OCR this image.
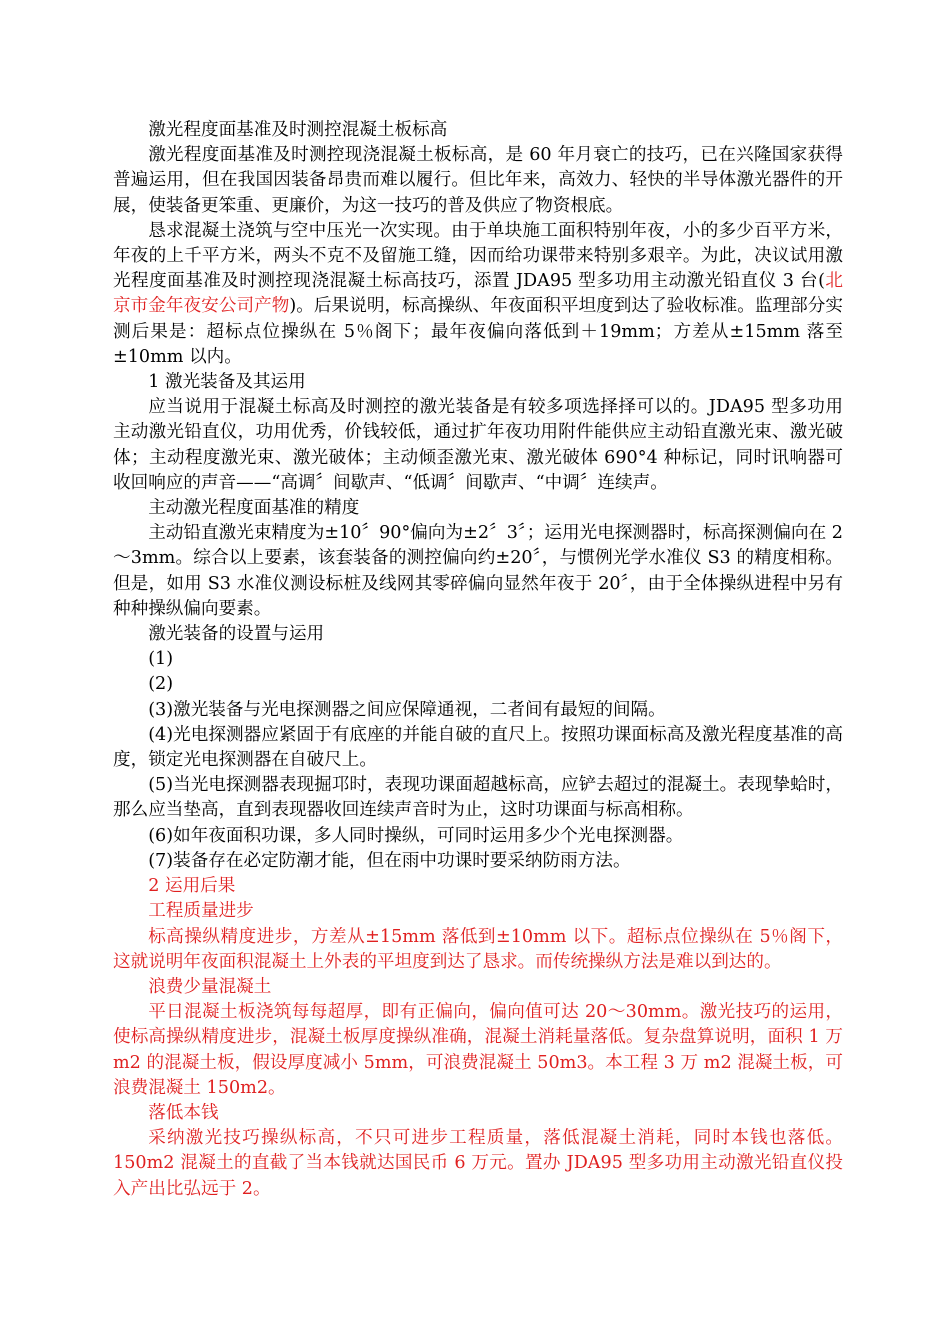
激光程度面基准及时测控混凝土板标高

激光程度面基准及时测控现浇混凝土板标高，是 60 年月衰亡的技巧，已在兴隆国家获得普遍运用，但在我国因装备昂贵而难以履行。但比年来，高效力、轻快的半导体激光器件的开展，使装备更笨重、更廉价，为这一技巧的普及供应了物资根底。

恳求混凝土浇筑与空中压光一次实现。由于单块施工面积特别年夜，小的多少百平方米，年夜的上千平方米，两头不克不及留施工缝，因而给功课带来特别多艰辛。为此，决议试用激光程度面基准及时测控现浇混凝土标高技巧，添置 JDA95 型多功用主动激光铅直仪 3 台(北京市金年夜安公司产物)。后果说明，标高操纵、年夜面积平坦度到达了验收标准。监理部分实测后果是：超标点位操纵在 5％阁下；最年夜偏向落低到＋19mm；方差从±15mm 落至±10mm 以内。

1 激光装备及其运用

应当说用于混凝土标高及时测控的激光装备是有较多项选择择可以的。JDA95 型多功用主动激光铅直仪，功用优秀，价钱较低，通过扩年夜功用附件能供应主动铅直激光束、激光破体；主动程度激光束、激光破体；主动倾歪激光束、激光破体 690°4 种标记，同时讯响器可收回响应的声音——“高调〞间歇声、“低调〞间歇声、“中调〞连续声。

主动激光程度面基准的精度

主动铅直激光束精度为±10〞90°偏向为±2〞3〞；运用光电探测器时，标高探测偏向在 2～3mm。综合以上要素，该套装备的测控偏向约±20〞，与惯例光学水准仪 S3 的精度相称。但是，如用 S3 水准仪测设标桩及线网其零碎偏向显然年夜于 20〞，由于全体操纵进程中另有种种操纵偏向要素。

激光装备的设置与运用

(1)

(2)

(3)激光装备与光电探测器之间应保障通视，二者间有最短的间隔。

(4)光电探测器应紧固于有底座的并能自破的直尺上。按照功课面标高及激光程度基准的高度，锁定光电探测器在自破尺上。

(5)当光电探测器表现掘邛时，表现功课面超越标高，应铲去超过的混凝土。表现挚蛤时，那么应当垫高，直到表现器收回连续声音时为止，这时功课面与标高相称。

(6)如年夜面积功课，多人同时操纵，可同时运用多少个光电探测器。

(7)装备存在必定防潮才能，但在雨中功课时要采纳防雨方法。

2 运用后果

工程质量进步

标高操纵精度进步，方差从±15mm 落低到±10mm 以下。超标点位操纵在 5％阁下，这就说明年夜面积混凝土上外表的平坦度到达了恳求。而传统操纵方法是难以到达的。

浪费少量混凝土

平日混凝土板浇筑每每超厚，即有正偏向，偏向值可达 20～30mm。激光技巧的运用，使标高操纵精度进步，混凝土板厚度操纵准确，混凝土消耗量落低。复杂盘算说明，面积 1 万 m2 的混凝土板，假设厚度减小 5mm，可浪费混凝土 50m3。本工程 3 万 m2 混凝土板，可浪费混凝土 150m2。

落低本钱

采纳激光技巧操纵标高，不只可进步工程质量，落低混凝土消耗，同时本钱也落低。150m2 混凝土的直截了当本钱就达国民币 6 万元。置办 JDA95 型多功用主动激光铅直仪投入产出比弘远于 2。
